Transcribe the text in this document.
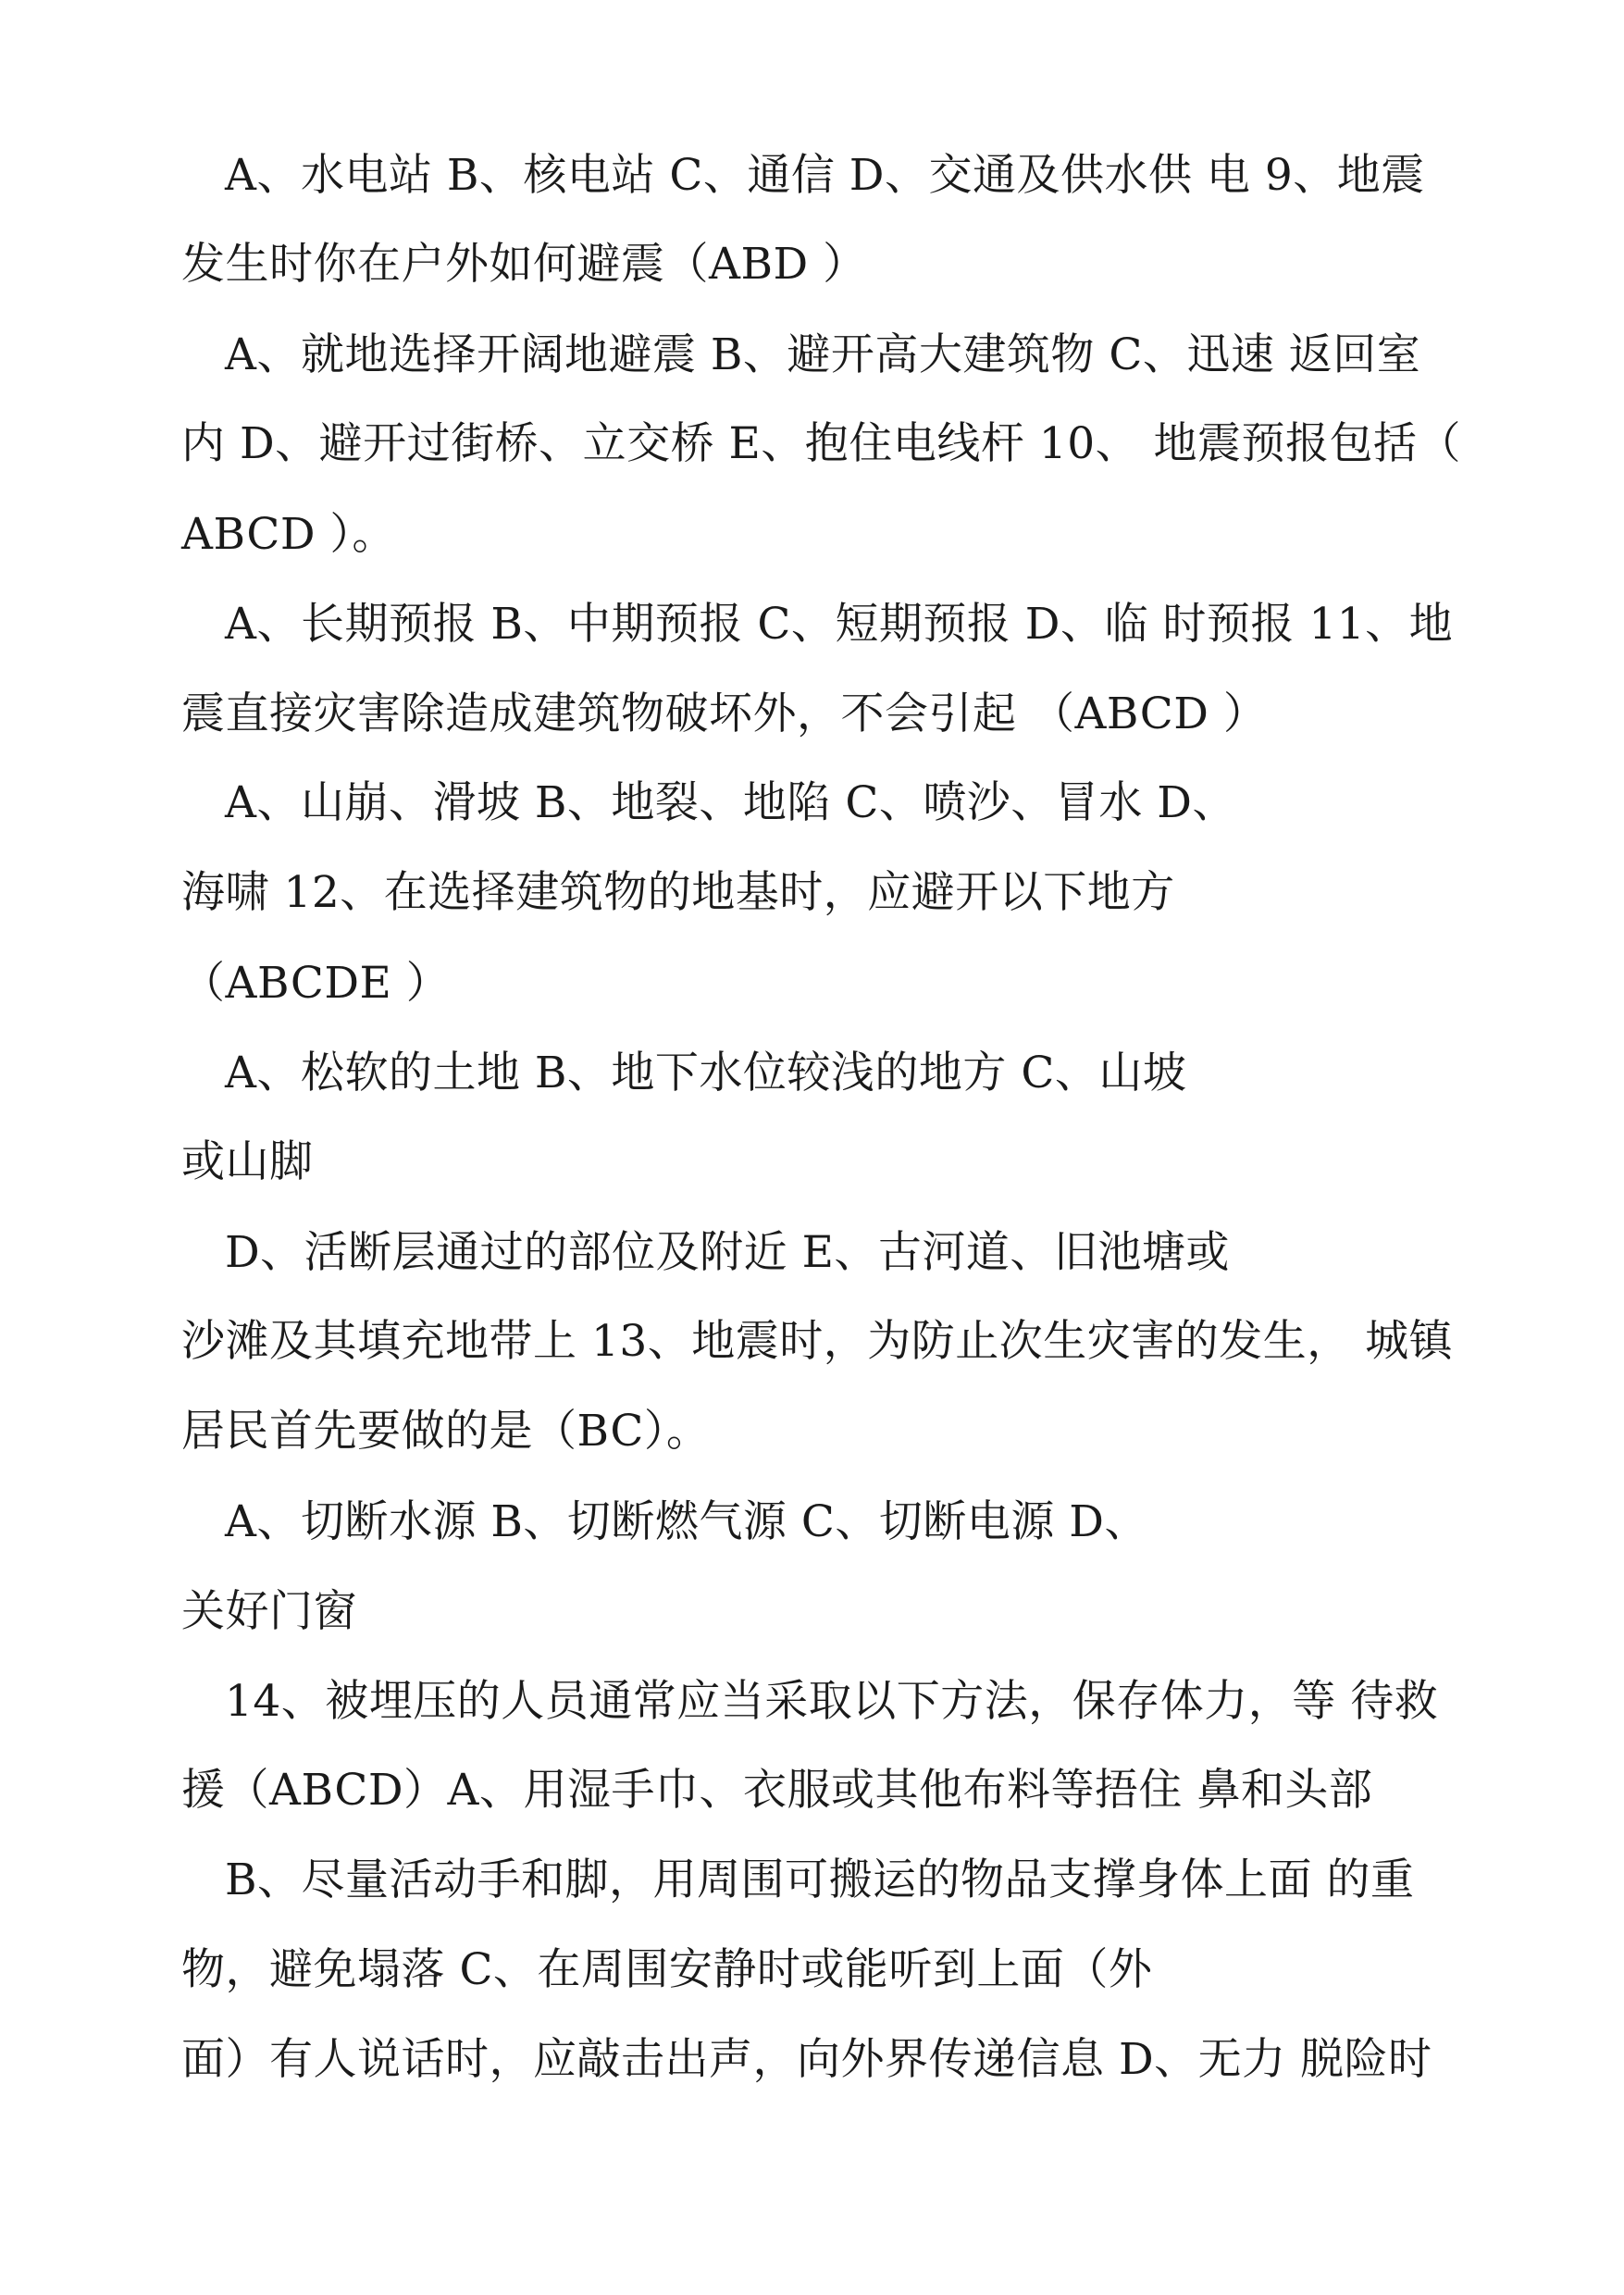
A、水电站 B、核电站 C、通信 D、交通及供水供 电 9、地震
发生时你在户外如何避震（ABD ）
A、就地选择开阔地避震 B、避开高大建筑物 C、迅速 返回室
内 D、避开过街桥、立交桥 E、抱住电线杆 10、 地震预报包括（
ABCD ）。
A、长期预报 B、中期预报 C、短期预报 D、临 时预报 11、地
震直接灾害除造成建筑物破坏外，不会引起 （ABCD ）
A、山崩、滑坡 B、地裂、地陷 C、喷沙、冒水 D、
海啸 12、在选择建筑物的地基时，应避开以下地方
（ABCDE ）
A、松软的土地 B、地下水位较浅的地方 C、山坡
或山脚
D、活断层通过的部位及附近 E、古河道、旧池塘或
沙滩及其填充地带上 13、地震时，为防止次生灾害的发生， 城镇
居民首先要做的是（BC）。
A、切断水源 B、切断燃气源 C、切断电源 D、
关好门窗
14、被埋压的人员通常应当采取以下方法，保存体力，等 待救
援（ABCD）A、用湿手巾、衣服或其他布料等捂住 鼻和头部
B、尽量活动手和脚，用周围可搬运的物品支撑身体上面 的重
物，避免塌落 C、在周围安静时或能听到上面（外
面）有人说话时，应敲击出声，向外界传递信息 D、无力 脱险时
